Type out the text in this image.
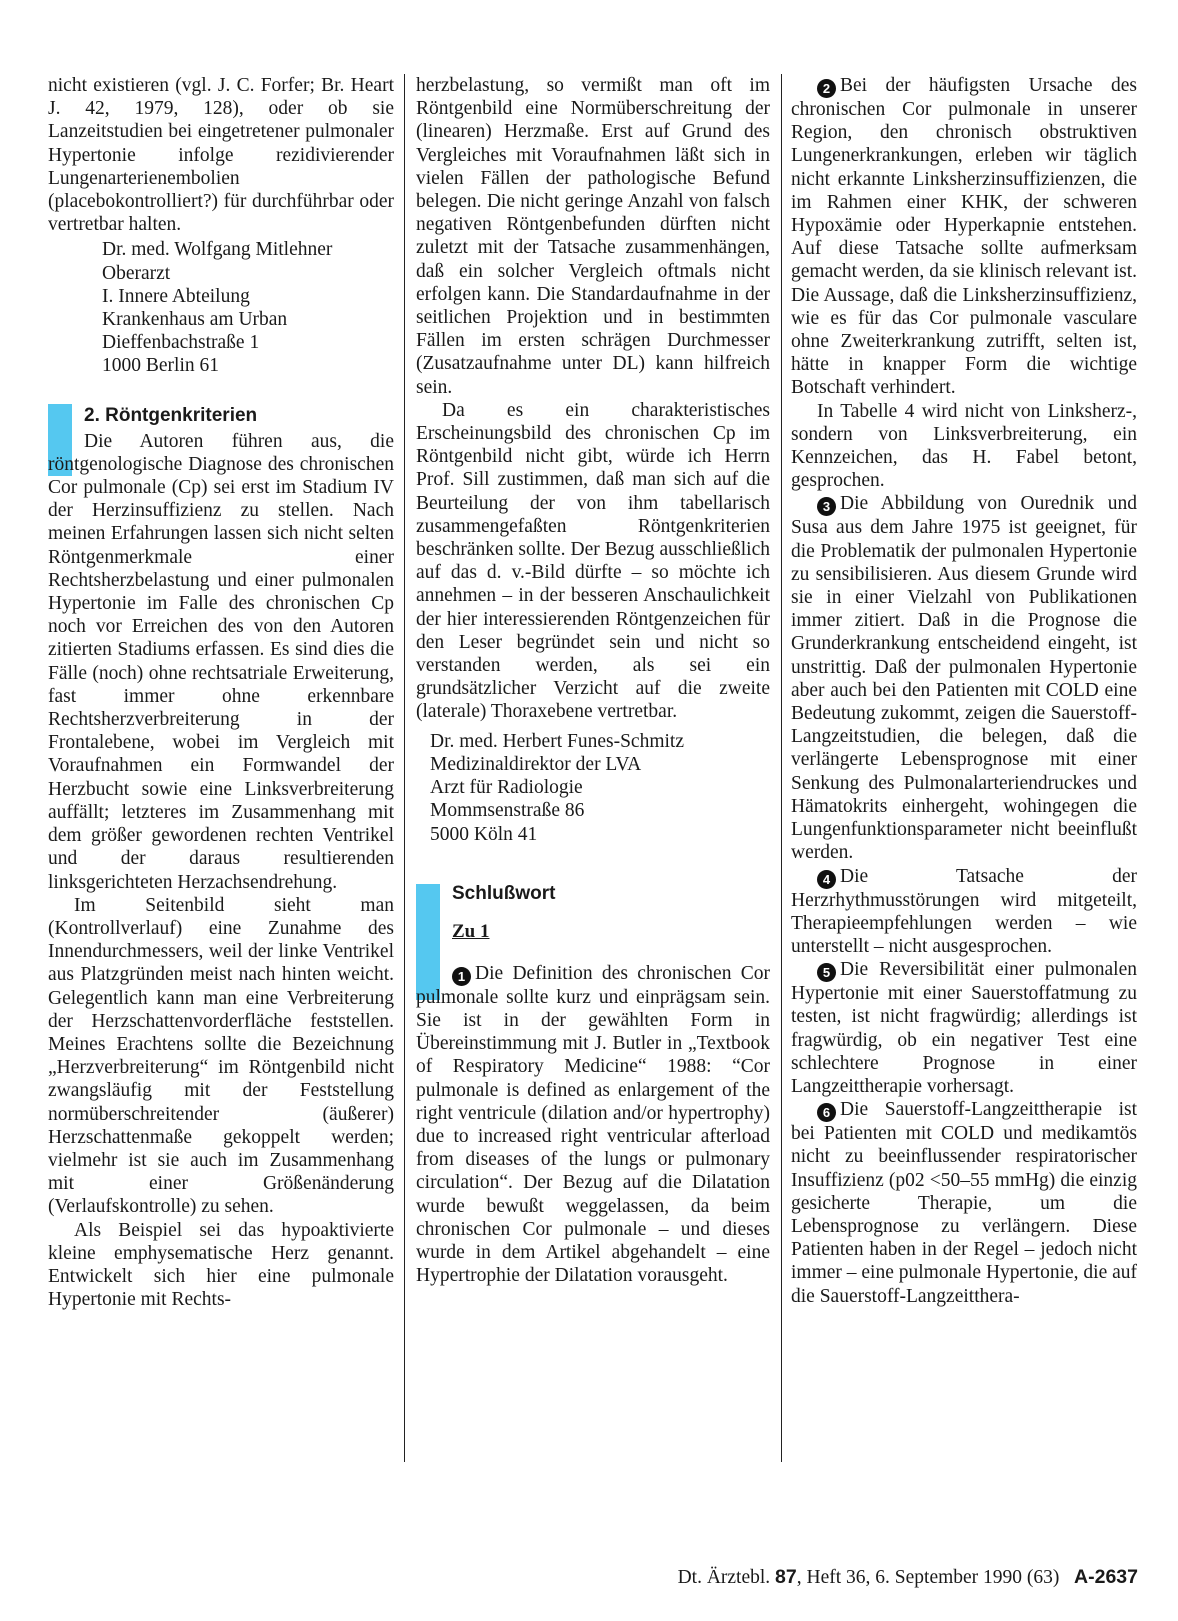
nicht existieren (vgl. J. C. Forfer; Br. Heart J. 42, 1979, 128), oder ob sie Lanzeitstudien bei eingetretener pulmonaler Hypertonie infolge rezidivierender Lungenarterienembolien (placebokontrolliert?) für durchführbar oder vertretbar halten.

Dr. med. Wolfgang Mitlehner
Oberarzt
I. Innere Abteilung
Krankenhaus am Urban
Dieffenbachstraße 1
1000 Berlin 61
2. Röntgenkriterien

Die Autoren führen aus, die röntgenologische Diagnose des chronischen Cor pulmonale (Cp) sei erst im Stadium IV der Herzinsuffizienz zu stellen. Nach meinen Erfahrungen lassen sich nicht selten Röntgenmerkmale einer Rechtsherzbelastung und einer pulmonalen Hypertonie im Falle des chronischen Cp noch vor Erreichen des von den Autoren zitierten Stadiums erfassen. Es sind dies die Fälle (noch) ohne rechtsatriale Erweiterung, fast immer ohne erkennbare Rechtsherzverbreiterung in der Frontalebene, wobei im Vergleich mit Voraufnahmen ein Formwandel der Herzbucht sowie eine Linksverbreiterung auffällt; letzteres im Zusammenhang mit dem größer gewordenen rechten Ventrikel und der daraus resultierenden linksgerichteten Herzachsendrehung.

Im Seitenbild sieht man (Kontrollverlauf) eine Zunahme des Innendurchmessers, weil der linke Ventrikel aus Platzgründen meist nach hinten weicht. Gelegentlich kann man eine Verbreiterung der Herzschattenvorderfläche feststellen. Meines Erachtens sollte die Bezeichnung „Herzverbreiterung“ im Röntgenbild nicht zwangsläufig mit der Feststellung normüberschreitender (äußerer) Herzschattenmaße gekoppelt werden; vielmehr ist sie auch im Zusammenhang mit einer Größenänderung (Verlaufskontrolle) zu sehen.

Als Beispiel sei das hypoaktivierte kleine emphysematische Herz genannt. Entwickelt sich hier eine pulmonale Hypertonie mit Rechts-

herzbelastung, so vermißt man oft im Röntgenbild eine Normüberschreitung der (linearen) Herzmaße. Erst auf Grund des Vergleiches mit Voraufnahmen läßt sich in vielen Fällen der pathologische Befund belegen. Die nicht geringe Anzahl von falsch negativen Röntgenbefunden dürften nicht zuletzt mit der Tatsache zusammenhängen, daß ein solcher Vergleich oftmals nicht erfolgen kann. Die Standardaufnahme in der seitlichen Projektion und in bestimmten Fällen im ersten schrägen Durchmesser (Zusatzaufnahme unter DL) kann hilfreich sein.

Da es ein charakteristisches Erscheinungsbild des chronischen Cp im Röntgenbild nicht gibt, würde ich Herrn Prof. Sill zustimmen, daß man sich auf die Beurteilung der von ihm tabellarisch zusammengefaßten Röntgenkriterien beschränken sollte. Der Bezug ausschließlich auf das d. v.-Bild dürfte – so möchte ich annehmen – in der besseren Anschaulichkeit der hier interessierenden Röntgenzeichen für den Leser begründet sein und nicht so verstanden werden, als sei ein grundsätzlicher Verzicht auf die zweite (laterale) Thoraxebene vertretbar.

Dr. med. Herbert Funes-Schmitz
Medizinaldirektor der LVA
Arzt für Radiologie
Mommsenstraße 86
5000 Köln 41
Schlußwort
Zu 1

1 Die Definition des chronischen Cor pulmonale sollte kurz und einprägsam sein. Sie ist in der gewählten Form in Übereinstimmung mit J. Butler in „Textbook of Respiratory Medicine“ 1988: “Cor pulmonale is defined as enlargement of the right ventricule (dilation and/or hypertrophy) due to increased right ventricular afterload from diseases of the lungs or pulmonary circulation“. Der Bezug auf die Dilatation wurde bewußt weggelassen, da beim chronischen Cor pulmonale – und dieses wurde in dem Artikel abgehandelt – eine Hypertrophie der Dilatation vorausgeht.

2 Bei der häufigsten Ursache des chronischen Cor pulmonale in unserer Region, den chronisch obstruktiven Lungenerkrankungen, erleben wir täglich nicht erkannte Linksherzinsuffizienzen, die im Rahmen einer KHK, der schweren Hypoxämie oder Hyperkapnie entstehen. Auf diese Tatsache sollte aufmerksam gemacht werden, da sie klinisch relevant ist. Die Aussage, daß die Linksherzinsuffizienz, wie es für das Cor pulmonale vasculare ohne Zweiterkrankung zutrifft, selten ist, hätte in knapper Form die wichtige Botschaft verhindert.

In Tabelle 4 wird nicht von Linksherz-, sondern von Linksverbreiterung, ein Kennzeichen, das H. Fabel betont, gesprochen.

3 Die Abbildung von Ourednik und Susa aus dem Jahre 1975 ist geeignet, für die Problematik der pulmonalen Hypertonie zu sensibilisieren. Aus diesem Grunde wird sie in einer Vielzahl von Publikationen immer zitiert. Daß in die Prognose die Grunderkrankung entscheidend eingeht, ist unstrittig. Daß der pulmonalen Hypertonie aber auch bei den Patienten mit COLD eine Bedeutung zukommt, zeigen die Sauerstoff-Langzeitstudien, die belegen, daß die verlängerte Lebensprognose mit einer Senkung des Pulmonalarteriendruckes und Hämatokrits einhergeht, wohingegen die Lungenfunktionsparameter nicht beeinflußt werden.

4 Die Tatsache der Herzrhythmusstörungen wird mitgeteilt, Therapieempfehlungen werden – wie unterstellt – nicht ausgesprochen.

5 Die Reversibilität einer pulmonalen Hypertonie mit einer Sauerstoffatmung zu testen, ist nicht fragwürdig; allerdings ist fragwürdig, ob ein negativer Test eine schlechtere Prognose in einer Langzeittherapie vorhersagt.

6 Die Sauerstoff-Langzeittherapie ist bei Patienten mit COLD und medikamtös nicht zu beeinflussender respiratorischer Insuffizienz (p02 <50–55 mmHg) die einzig gesicherte Therapie, um die Lebensprognose zu verlängern. Diese Patienten haben in der Regel – jedoch nicht immer – eine pulmonale Hypertonie, die auf die Sauerstoff-Langzeitthera-

Dt. Ärztebl. 87, Heft 36, 6. September 1990 (63) A-2637
